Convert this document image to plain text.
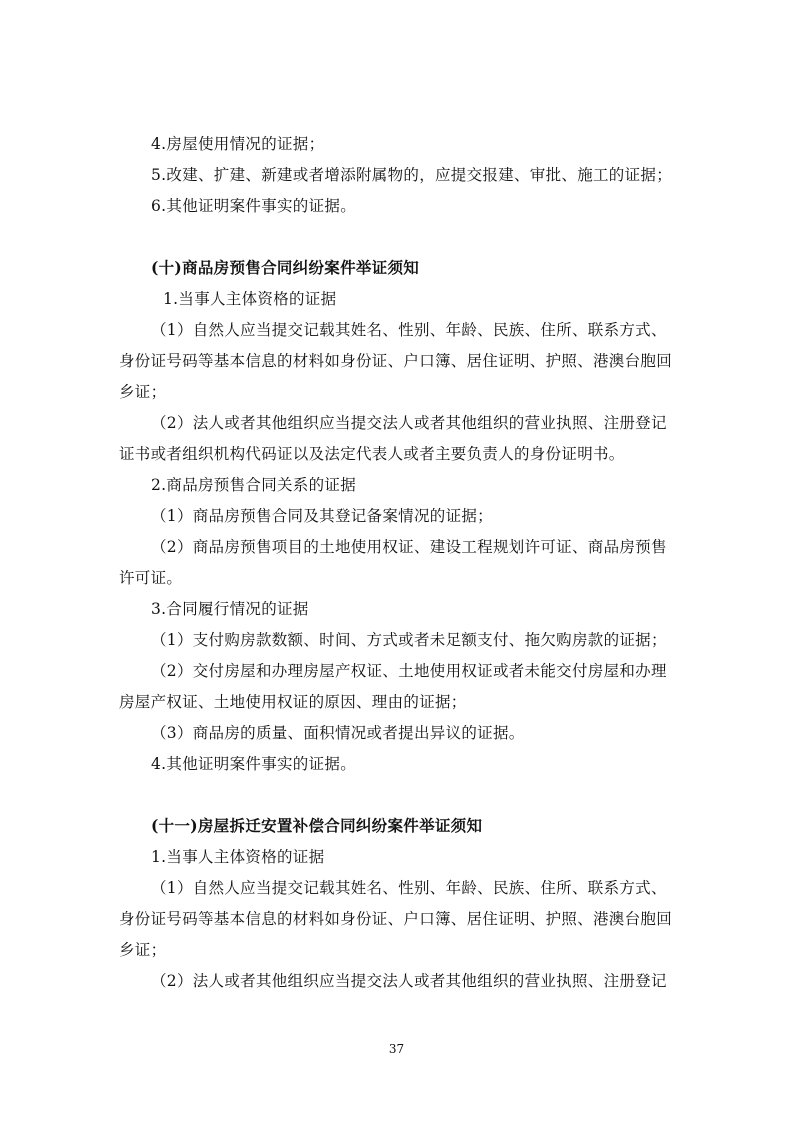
4.房屋使用情况的证据；
5.改建、扩建、新建或者增添附属物的，应提交报建、审批、施工的证据；
6.其他证明案件事实的证据。
(十)商品房预售合同纠纷案件举证须知
1.当事人主体资格的证据
（1）自然人应当提交记载其姓名、性别、年龄、民族、住所、联系方式、
身份证号码等基本信息的材料如身份证、户口簿、居住证明、护照、港澳台胞回
乡证；
（2）法人或者其他组织应当提交法人或者其他组织的营业执照、注册登记
证书或者组织机构代码证以及法定代表人或者主要负责人的身份证明书。
2.商品房预售合同关系的证据
（1）商品房预售合同及其登记备案情况的证据；
（2）商品房预售项目的土地使用权证、建设工程规划许可证、商品房预售
许可证。
3.合同履行情况的证据
（1）支付购房款数额、时间、方式或者未足额支付、拖欠购房款的证据；
（2）交付房屋和办理房屋产权证、土地使用权证或者未能交付房屋和办理
房屋产权证、土地使用权证的原因、理由的证据；
（3）商品房的质量、面积情况或者提出异议的证据。
4.其他证明案件事实的证据。
(十一)房屋拆迁安置补偿合同纠纷案件举证须知
1.当事人主体资格的证据
（1）自然人应当提交记载其姓名、性别、年龄、民族、住所、联系方式、
身份证号码等基本信息的材料如身份证、户口簿、居住证明、护照、港澳台胞回
乡证；
（2）法人或者其他组织应当提交法人或者其他组织的营业执照、注册登记
37
